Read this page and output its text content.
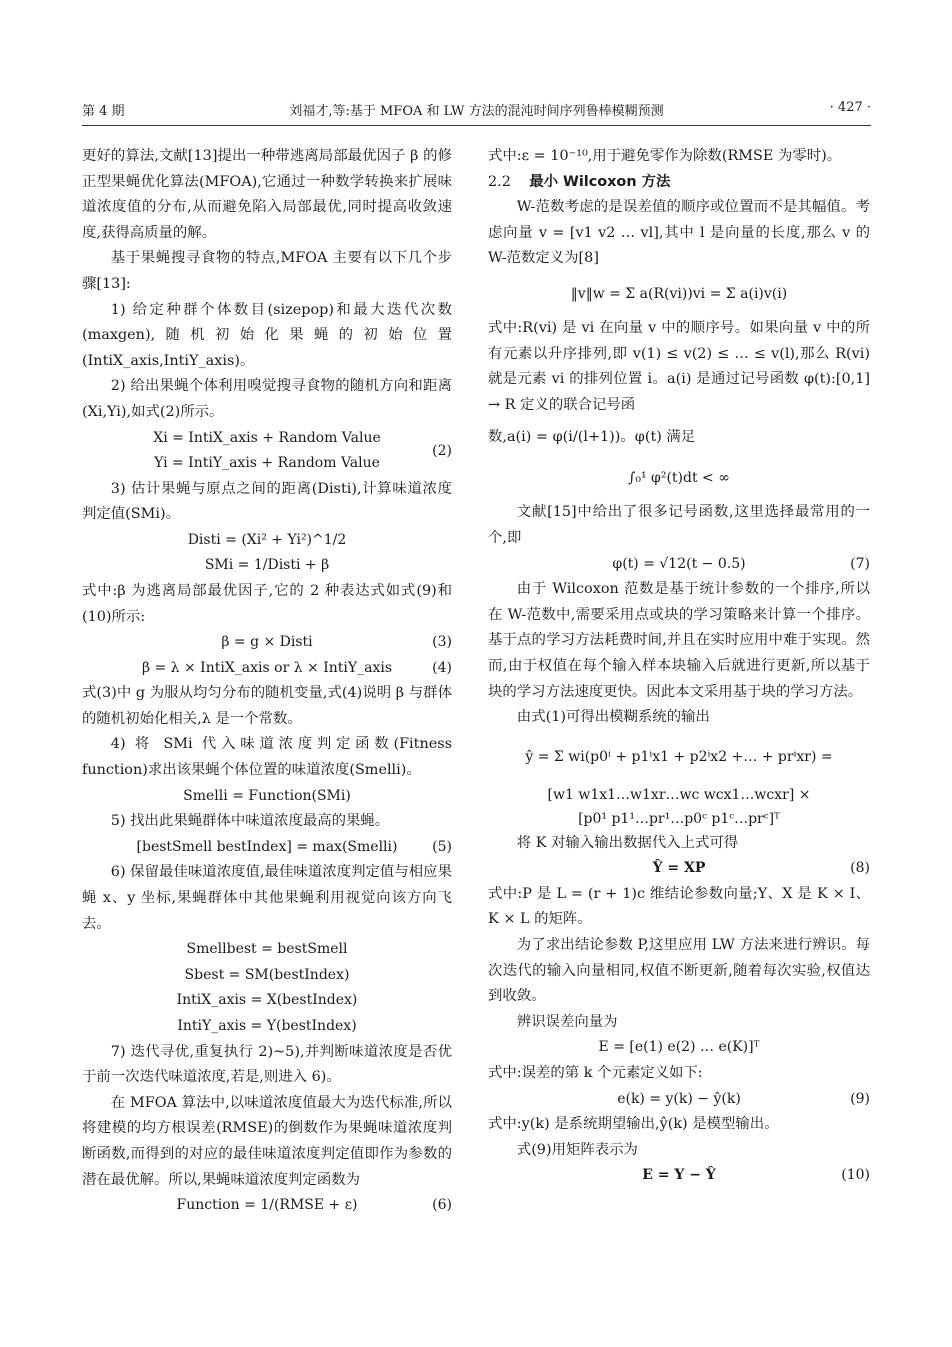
第 4 期	刘福才,等:基于 MFOA 和 LW 方法的混沌时间序列鲁棒模糊预测	· 427 ·

更好的算法,文献[13]提出一种带逃离局部最优因子 β 的修正型果蝇优化算法(MFOA),它通过一种数学转换来扩展味道浓度值的分布,从而避免陷入局部最优,同时提高收敛速度,获得高质量的解。

基于果蝇搜寻食物的特点,MFOA 主要有以下几个步骤[13]:

1) 给定种群个体数目(sizepop)和最大迭代次数(maxgen),随机初始化果蝇的初始位置(IntiX_axis,IntiY_axis)。

2) 给出果蝇个体利用嗅觉搜寻食物的随机方向和距离(Xi,Yi),如式(2)所示。

Xi = IntiX_axis + Random Value
Yi = IntiY_axis + Random Value
(2)

3) 估计果蝇与原点之间的距离(Disti),计算味道浓度判定值(SMi)。

Disti = (Xi² + Yi²)^1/2
SMi = 1/Disti + β

式中:β 为逃离局部最优因子,它的 2 种表达式如式(9)和(10)所示:

β = g × Disti	(3)
β = λ × IntiX_axis or λ × IntiY_axis	(4)

式(3)中 g 为服从均匀分布的随机变量,式(4)说明 β 与群体的随机初始化相关,λ 是一个常数。

4) 将 SMi 代入味道浓度判定函数(Fitness function)求出该果蝇个体位置的味道浓度(Smelli)。

Smelli = Function(SMi)

5) 找出此果蝇群体中味道浓度最高的果蝇。

[bestSmell bestIndex] = max(Smelli) (5)

6) 保留最佳味道浓度值,最佳味道浓度判定值与相应果蝇 x、y 坐标,果蝇群体中其他果蝇利用视觉向该方向飞去。

Smellbest = bestSmell
Sbest = SM(bestIndex)
IntiX_axis = X(bestIndex)
IntiY_axis = Y(bestIndex)

7) 迭代寻优,重复执行 2)~5),并判断味道浓度是否优于前一次迭代味道浓度,若是,则进入 6)。

在 MFOA 算法中,以味道浓度值最大为迭代标准,所以将建模的均方根误差(RMSE)的倒数作为果蝇味道浓度判断函数,而得到的对应的最佳味道浓度判定值即作为参数的潜在最优解。所以,果蝇味道浓度判定函数为

Function = 1/(RMSE + ε)	(6)

式中:ε = 10⁻¹⁰,用于避免零作为除数(RMSE 为零时)。

2.2 最小 Wilcoxon 方法

W-范数考虑的是误差值的顺序或位置而不是其幅值。考虑向量 v = [v1 v2 … vl],其中 l 是向量的长度,那么 v 的 W-范数定义为[8]

‖v‖w = Σ a(R(vi))vi = Σ a(i)v(i)

式中:R(vi) 是 vi 在向量 v 中的顺序号。如果向量 v 中的所有元素以升序排列,即 v(1) ≤ v(2) ≤ … ≤ v(l),那么 R(vi) 就是元素 vi 的排列位置 i。a(i) 是通过记号函数 φ(t):[0,1] → R 定义的联合记号函

数,a(i) = φ(i/(l+1))。φ(t) 满足

∫₀¹ φ²(t)dt < ∞

文献[15]中给出了很多记号函数,这里选择最常用的一个,即

φ(t) = √12(t − 0.5)	(7)

由于 Wilcoxon 范数是基于统计参数的一个排序,所以在 W-范数中,需要采用点或块的学习策略来计算一个排序。基于点的学习方法耗费时间,并且在实时应用中难于实现。然而,由于权值在每个输入样本块输入后就进行更新,所以基于块的学习方法速度更快。因此本文采用基于块的学习方法。

由式(1)可得出模糊系统的输出

ŷ = Σ wi(p0ⁱ + p1ⁱx1 + p2ⁱx2 +… + prⁱxr) =
[w1 w1x1…w1xr…wc wcx1…wcxr] ×
[p0¹ p1¹…pr¹…p0ᶜ p1ᶜ…prᶜ]ᵀ

将 K 对输入输出数据代入上式可得

Ŷ = XP	(8)

式中:P 是 L = (r + 1)c 维结论参数向量;Y、X 是 K × I、K × L 的矩阵。

为了求出结论参数 P,这里应用 LW 方法来进行辨识。每次迭代的输入向量相同,权值不断更新,随着每次实验,权值达到收敛。

辨识误差向量为

E = [e(1) e(2) … e(K)]ᵀ

式中:误差的第 k 个元素定义如下:

e(k) = y(k) − ŷ(k)	(9)

式中:y(k) 是系统期望输出,ŷ(k) 是模型输出。

式(9)用矩阵表示为

E = Y − Ŷ	(10)
